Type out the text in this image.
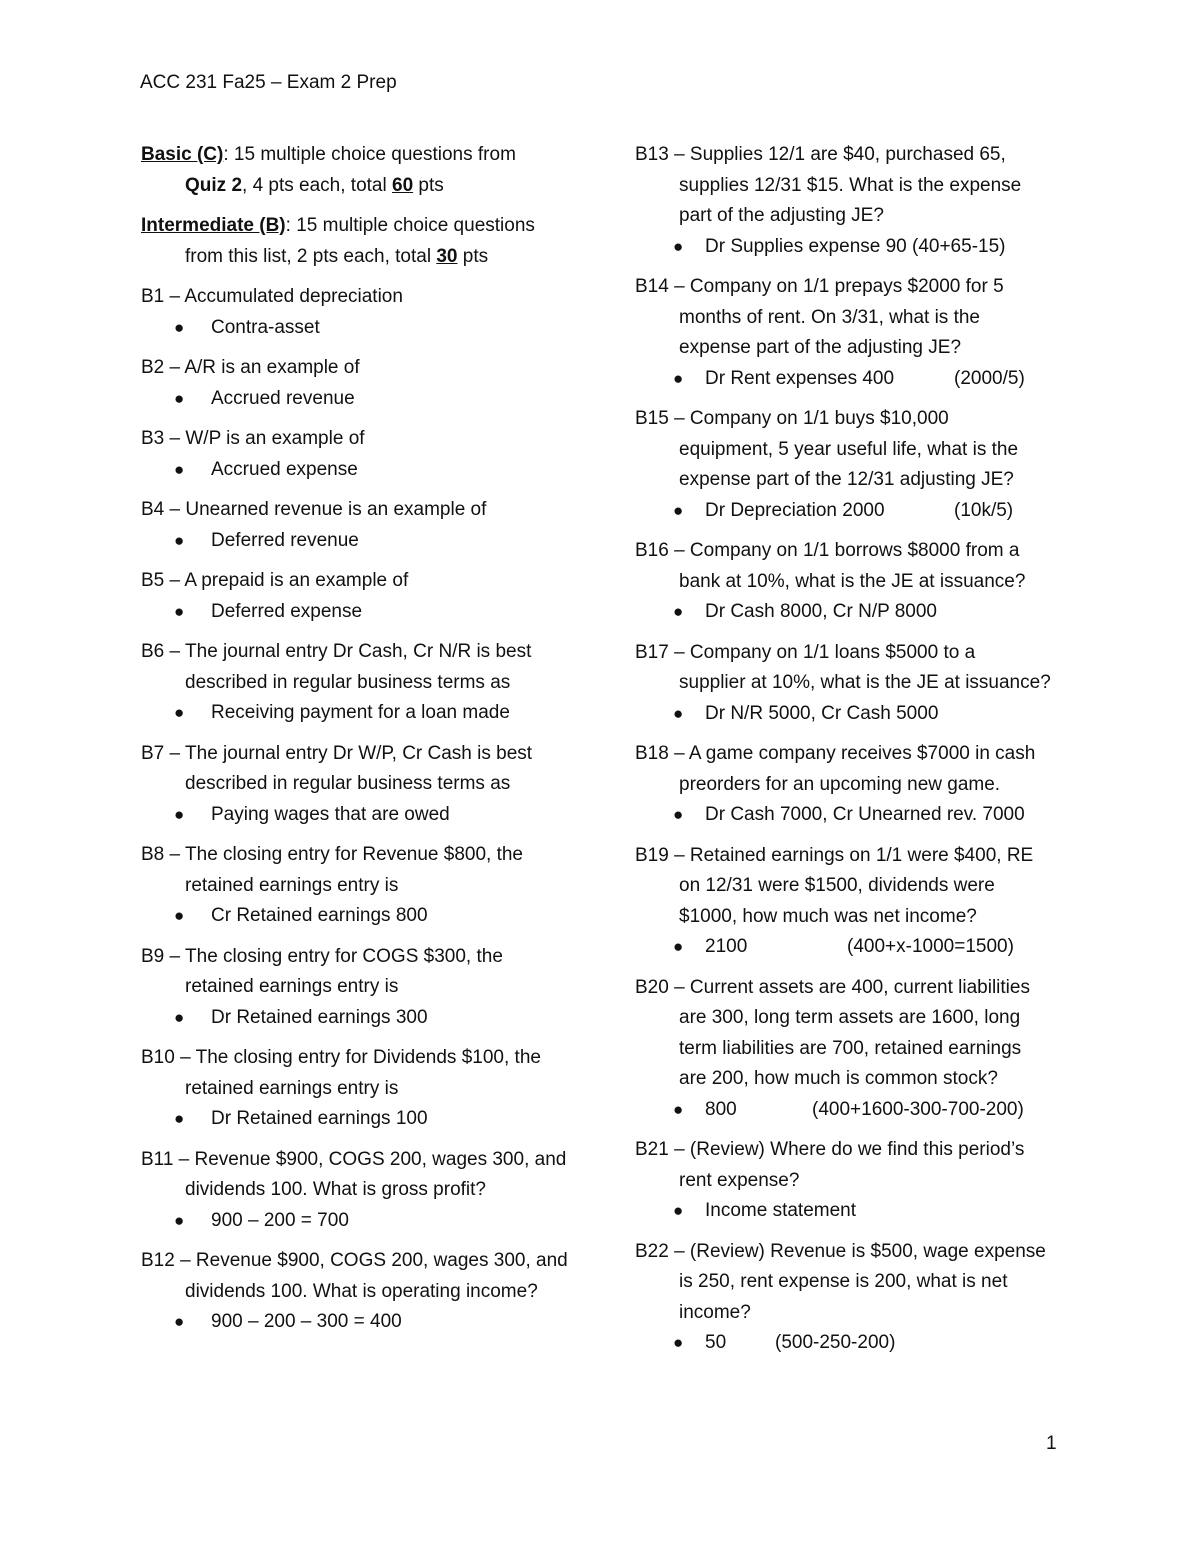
ACC 231 Fa25 – Exam 2 Prep
Basic (C): 15 multiple choice questions from
Quiz 2, 4 pts each, total 60 pts
Intermediate (B): 15 multiple choice questions
from this list, 2 pts each, total 30 pts
B1 – Accumulated depreciation
● Contra-asset
B2 – A/R is an example of
● Accrued revenue
B3 – W/P is an example of
● Accrued expense
B4 – Unearned revenue is an example of
● Deferred revenue
B5 – A prepaid is an example of
● Deferred expense
B6 – The journal entry Dr Cash, Cr N/R is best
described in regular business terms as
● Receiving payment for a loan made
B7 – The journal entry Dr W/P, Cr Cash is best
described in regular business terms as
● Paying wages that are owed
B8 – The closing entry for Revenue $800, the
retained earnings entry is
● Cr Retained earnings 800
B9 – The closing entry for COGS $300, the
retained earnings entry is
● Dr Retained earnings 300
B10 – The closing entry for Dividends $100, the
retained earnings entry is
● Dr Retained earnings 100
B11 – Revenue $900, COGS 200, wages 300, and
dividends 100. What is gross profit?
● 900 – 200 = 700
B12 – Revenue $900, COGS 200, wages 300, and
dividends 100. What is operating income?
● 900 – 200 – 300 = 400
B13 – Supplies 12/1 are $40, purchased 65,
supplies 12/31 $15. What is the expense
part of the adjusting JE?
● Dr Supplies expense 90 (40+65-15)
B14 – Company on 1/1 prepays $2000 for 5
months of rent. On 3/31, what is the
expense part of the adjusting JE?
● Dr Rent expenses 400	(2000/5)
B15 – Company on 1/1 buys $10,000
equipment, 5 year useful life, what is the
expense part of the 12/31 adjusting JE?
● Dr Depreciation 2000	(10k/5)
B16 – Company on 1/1 borrows $8000 from a
bank at 10%, what is the JE at issuance?
● Dr Cash 8000, Cr N/P 8000
B17 – Company on 1/1 loans $5000 to a
supplier at 10%, what is the JE at issuance?
● Dr N/R 5000, Cr Cash 5000
B18 – A game company receives $7000 in cash
preorders for an upcoming new game.
● Dr Cash 7000, Cr Unearned rev. 7000
B19 – Retained earnings on 1/1 were $400, RE
on 12/31 were $1500, dividends were
$1000, how much was net income?
● 2100	(400+x-1000=1500)
B20 – Current assets are 400, current liabilities
are 300, long term assets are 1600, long
term liabilities are 700, retained earnings
are 200, how much is common stock?
● 800	(400+1600-300-700-200)
B21 – (Review) Where do we find this period’s
rent expense?
● Income statement
B22 – (Review) Revenue is $500, wage expense
is 250, rent expense is 200, what is net
income?
● 50	(500-250-200)
1
